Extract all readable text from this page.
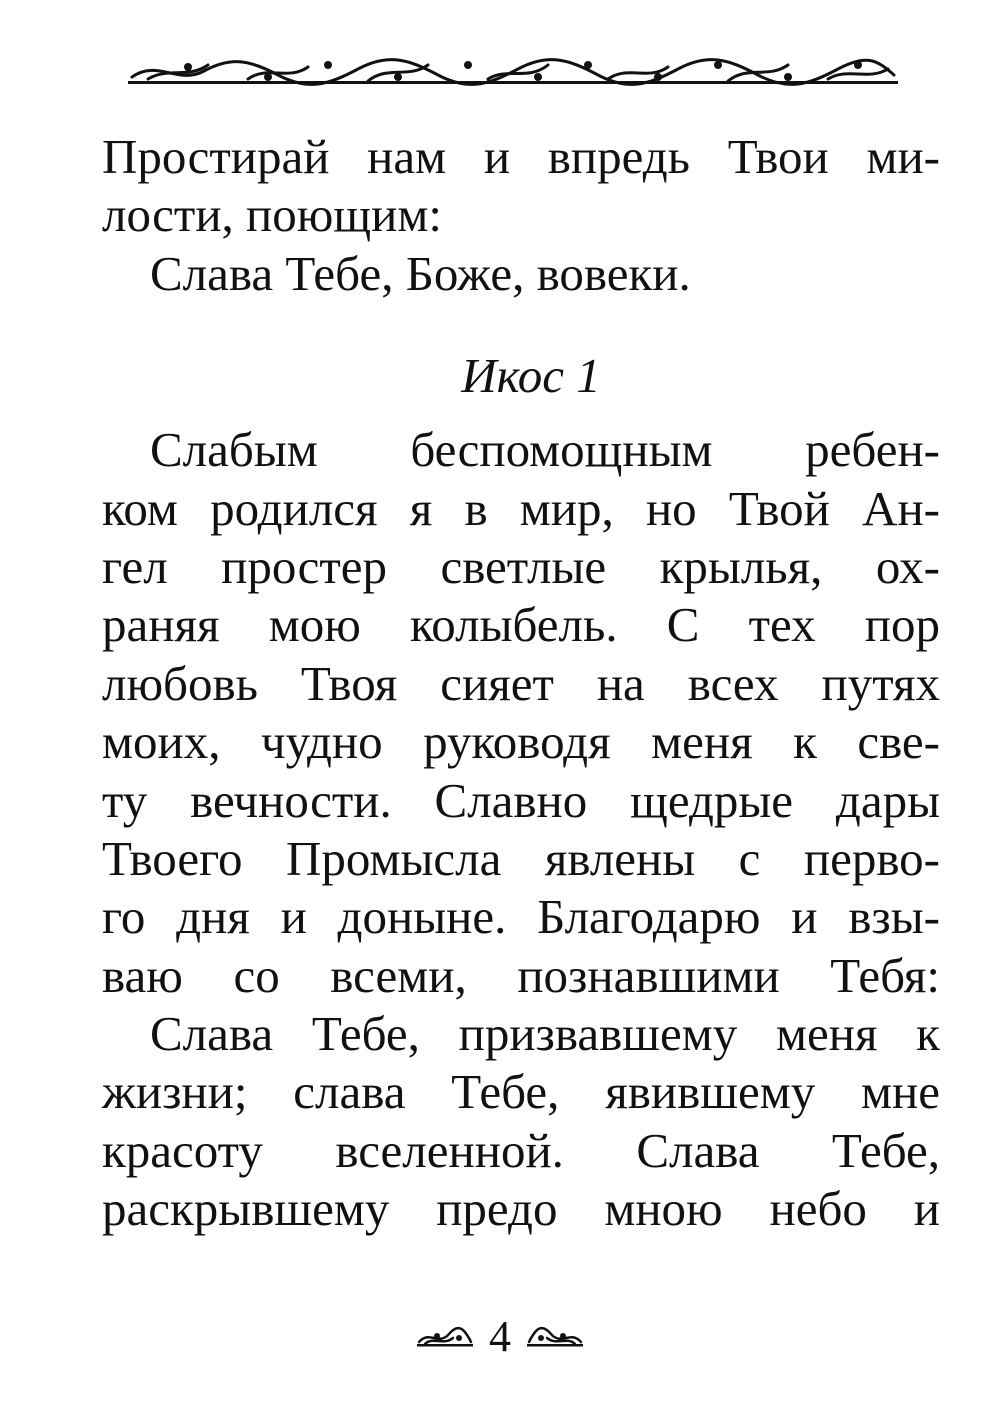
Простирай нам и впредь Твои ми-
лости, поющим:
Слава Тебе, Боже, вовеки.
Икос 1
Слабым беспомощным ребен-
ком родился я в мир, но Твой Ан-
гел простер светлые крылья, ох-
раняя мою колыбель. С тех пор
любовь Твоя сияет на всех путях
моих, чудно руководя меня к све-
ту вечности. Славно щедрые дары
Твоего Промысла явлены с перво-
го дня и доныне. Благодарю и взы-
ваю со всеми, познавшими Тебя:
Слава Тебе, призвавшему меня к
жизни; слава Тебе, явившему мне
красоту вселенной. Слава Тебе,
раскрывшему предо мною небо и
4
